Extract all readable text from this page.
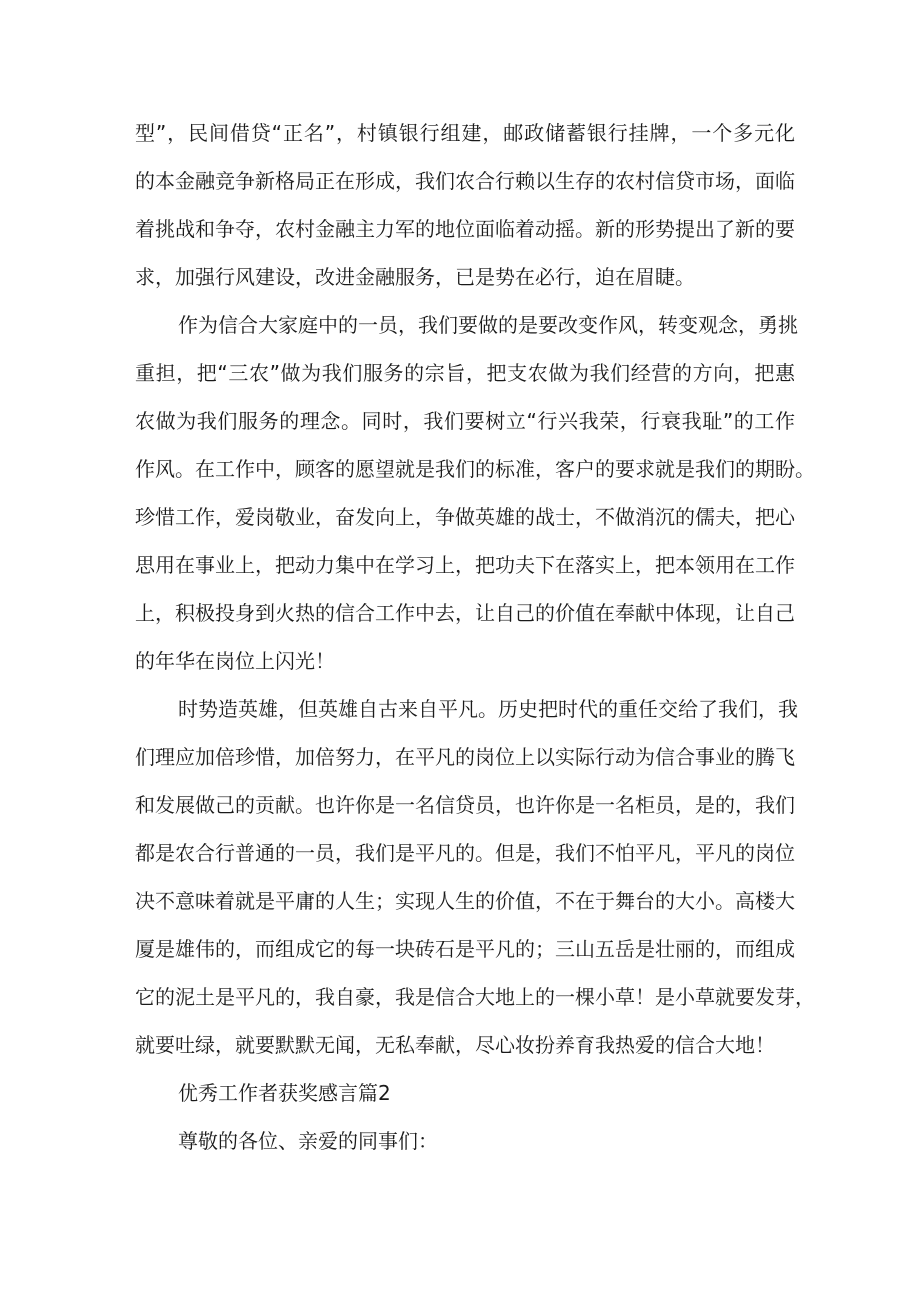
型”，民间借贷“正名”，村镇银行组建，邮政储蓄银行挂牌，一个多元化
的本金融竞争新格局正在形成，我们农合行赖以生存的农村信贷市场，面临
着挑战和争夺，农村金融主力军的地位面临着动摇。新的形势提出了新的要
求，加强行风建设，改进金融服务，已是势在必行，迫在眉睫。
作为信合大家庭中的一员，我们要做的是要改变作风，转变观念，勇挑
重担，把“三农”做为我们服务的宗旨，把支农做为我们经营的方向，把惠
农做为我们服务的理念。同时，我们要树立“行兴我荣，行衰我耻”的工作
作风。在工作中，顾客的愿望就是我们的标准，客户的要求就是我们的期盼。
珍惜工作，爱岗敬业，奋发向上，争做英雄的战士，不做消沉的儒夫，把心
思用在事业上，把动力集中在学习上，把功夫下在落实上，把本领用在工作
上，积极投身到火热的信合工作中去，让自己的价值在奉献中体现，让自己
的年华在岗位上闪光！
时势造英雄，但英雄自古来自平凡。历史把时代的重任交给了我们，我
们理应加倍珍惜，加倍努力，在平凡的岗位上以实际行动为信合事业的腾飞
和发展做己的贡献。也许你是一名信贷员，也许你是一名柜员，是的，我们
都是农合行普通的一员，我们是平凡的。但是，我们不怕平凡，平凡的岗位
决不意味着就是平庸的人生；实现人生的价值，不在于舞台的大小。高楼大
厦是雄伟的，而组成它的每一块砖石是平凡的；三山五岳是壮丽的，而组成
它的泥土是平凡的，我自豪，我是信合大地上的一棵小草！是小草就要发芽，
就要吐绿，就要默默无闻，无私奉献，尽心妆扮养育我热爱的信合大地！
优秀工作者获奖感言篇2
尊敬的各位、亲爱的同事们：
